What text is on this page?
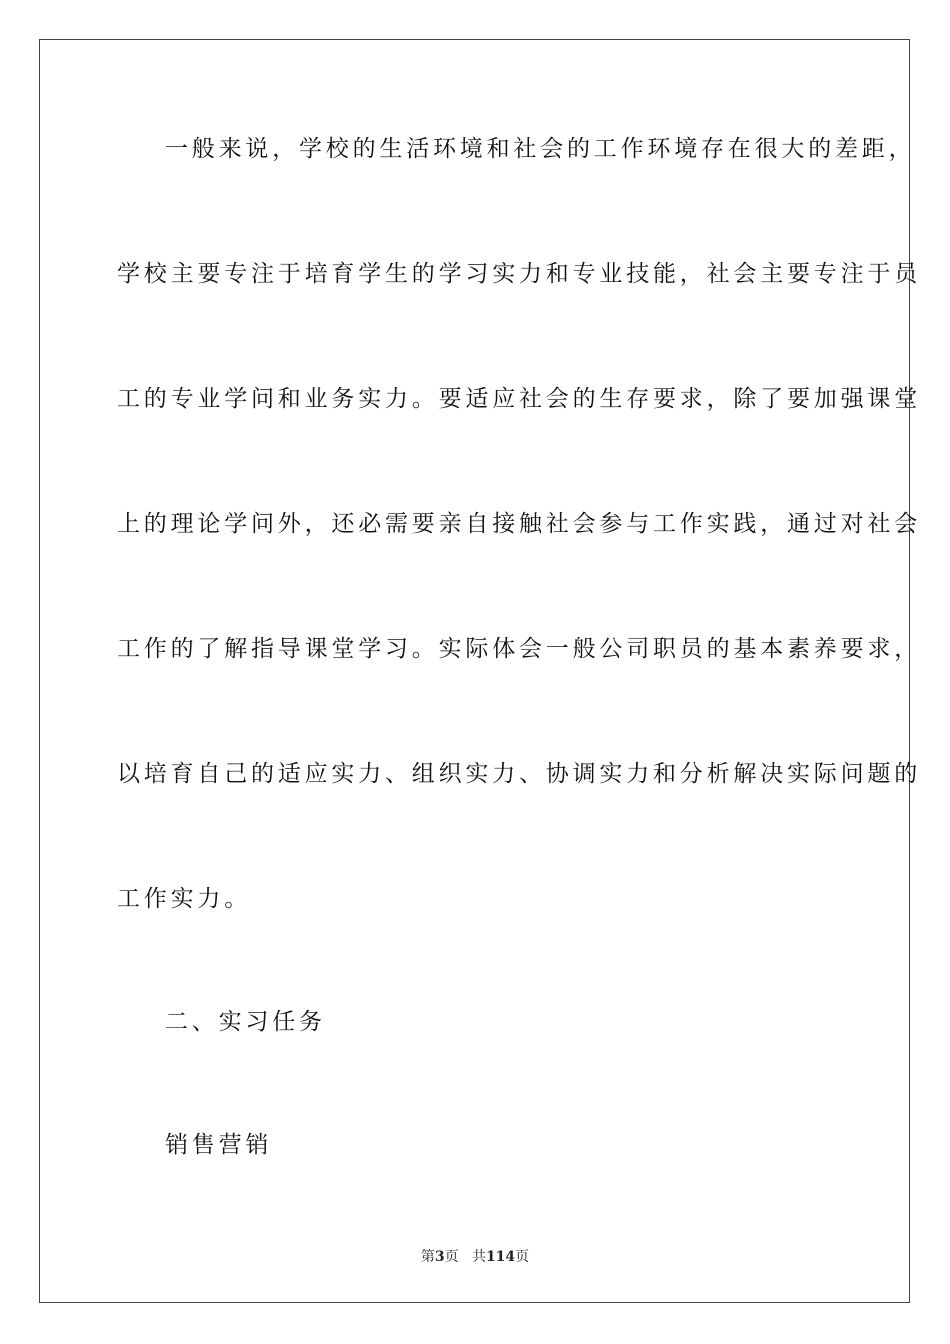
一般来说，学校的生活环境和社会的工作环境存在很大的差距，
学校主要专注于培育学生的学习实力和专业技能，社会主要专注于员
工的专业学问和业务实力。要适应社会的生存要求，除了要加强课堂
上的理论学问外，还必需要亲自接触社会参与工作实践，通过对社会
工作的了解指导课堂学习。实际体会一般公司职员的基本素养要求，
以培育自己的适应实力、组织实力、协调实力和分析解决实际问题的
工作实力。
二、实习任务
销售营销
第3页 共114页
